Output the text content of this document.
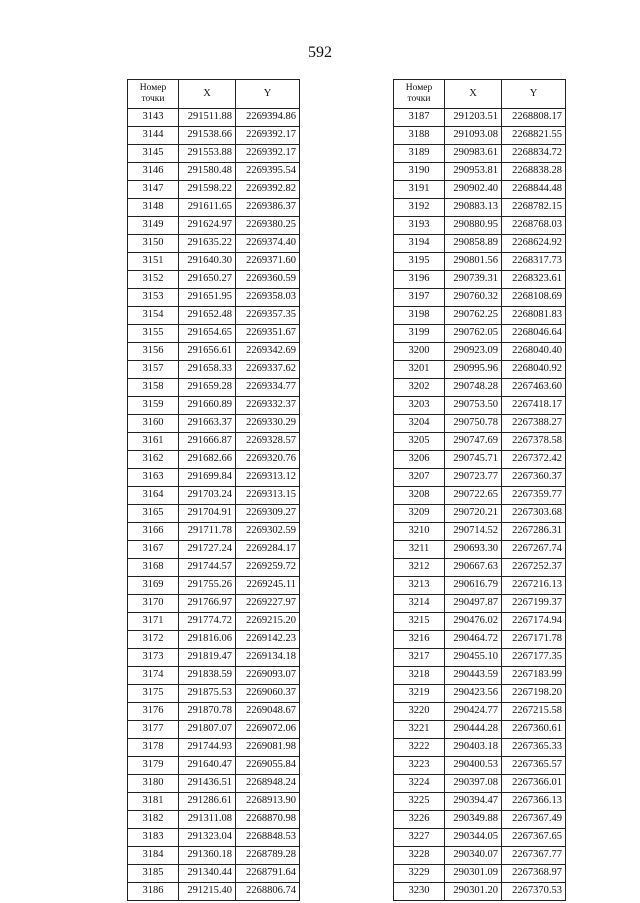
592
Номер
точки	X	Y
3143	291511.88	2269394.86
3144	291538.66	2269392.17
3145	291553.88	2269392.17
3146	291580.48	2269395.54
3147	291598.22	2269392.82
3148	291611.65	2269386.37
3149	291624.97	2269380.25
3150	291635.22	2269374.40
3151	291640.30	2269371.60
3152	291650.27	2269360.59
3153	291651.95	2269358.03
3154	291652.48	2269357.35
3155	291654.65	2269351.67
3156	291656.61	2269342.69
3157	291658.33	2269337.62
3158	291659.28	2269334.77
3159	291660.89	2269332.37
3160	291663.37	2269330.29
3161	291666.87	2269328.57
3162	291682.66	2269320.76
3163	291699.84	2269313.12
3164	291703.24	2269313.15
3165	291704.91	2269309.27
3166	291711.78	2269302.59
3167	291727.24	2269284.17
3168	291744.57	2269259.72
3169	291755.26	2269245.11
3170	291766.97	2269227.97
3171	291774.72	2269215.20
3172	291816.06	2269142.23
3173	291819.47	2269134.18
3174	291838.59	2269093.07
3175	291875.53	2269060.37
3176	291870.78	2269048.67
3177	291807.07	2269072.06
3178	291744.93	2269081.98
3179	291640.47	2269055.84
3180	291436.51	2268948.24
3181	291286.61	2268913.90
3182	291311.08	2268870.98
3183	291323.04	2268848.53
3184	291360.18	2268789.28
3185	291340.44	2268791.64
3186	291215.40	2268806.74
Номер
точки	X	Y
3187	291203.51	2268808.17
3188	291093.08	2268821.55
3189	290983.61	2268834.72
3190	290953.81	2268838.28
3191	290902.40	2268844.48
3192	290883.13	2268782.15
3193	290880.95	2268768.03
3194	290858.89	2268624.92
3195	290801.56	2268317.73
3196	290739.31	2268323.61
3197	290760.32	2268108.69
3198	290762.25	2268081.83
3199	290762.05	2268046.64
3200	290923.09	2268040.40
3201	290995.96	2268040.92
3202	290748.28	2267463.60
3203	290753.50	2267418.17
3204	290750.78	2267388.27
3205	290747.69	2267378.58
3206	290745.71	2267372.42
3207	290723.77	2267360.37
3208	290722.65	2267359.77
3209	290720.21	2267303.68
3210	290714.52	2267286.31
3211	290693.30	2267267.74
3212	290667.63	2267252.37
3213	290616.79	2267216.13
3214	290497.87	2267199.37
3215	290476.02	2267174.94
3216	290464.72	2267171.78
3217	290455.10	2267177.35
3218	290443.59	2267183.99
3219	290423.56	2267198.20
3220	290424.77	2267215.58
3221	290444.28	2267360.61
3222	290403.18	2267365.33
3223	290400.53	2267365.57
3224	290397.08	2267366.01
3225	290394.47	2267366.13
3226	290349.88	2267367.49
3227	290344.05	2267367.65
3228	290340.07	2267367.77
3229	290301.09	2267368.97
3230	290301.20	2267370.53
